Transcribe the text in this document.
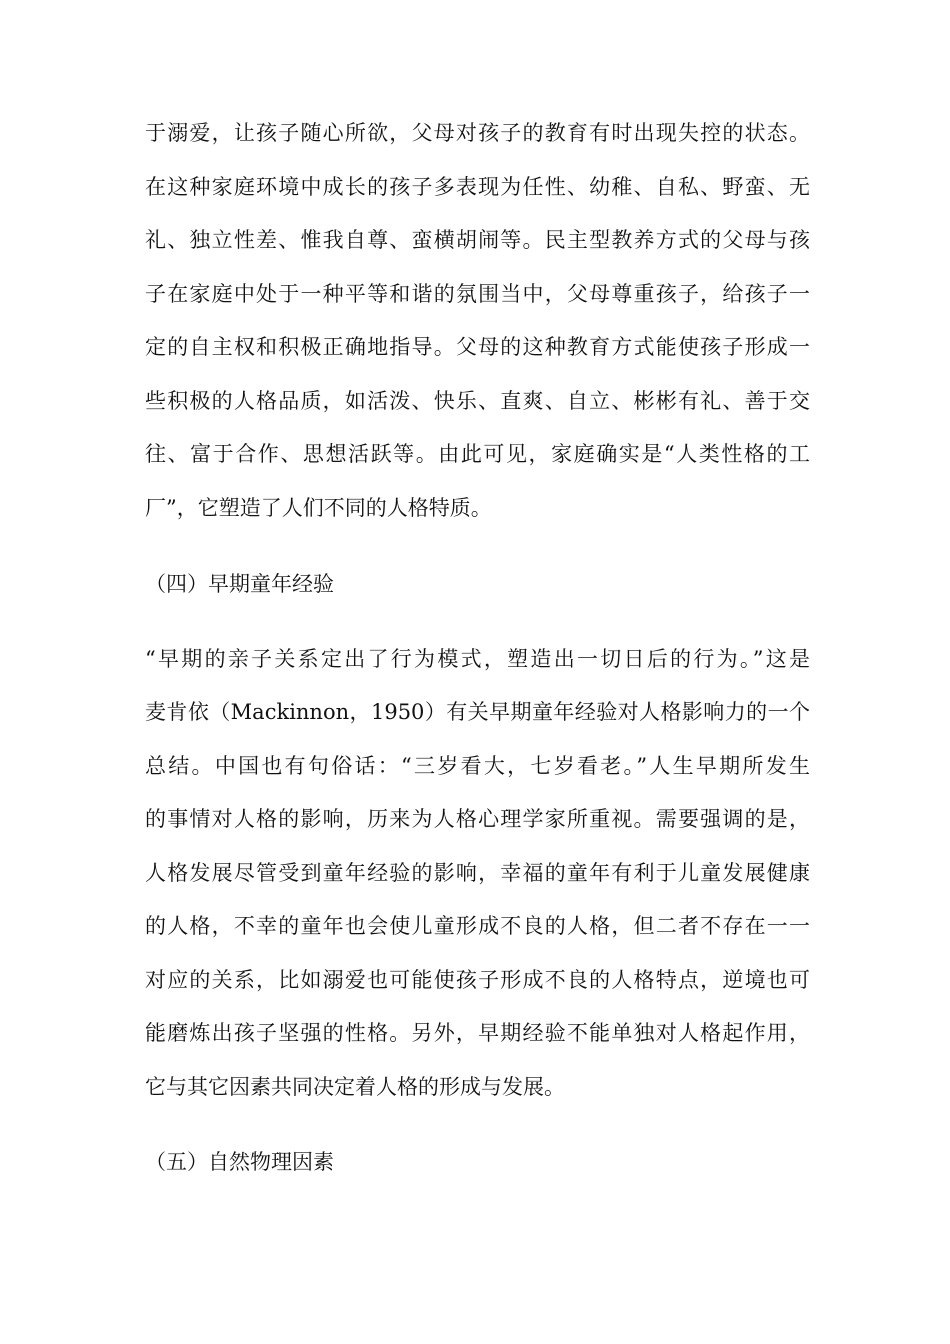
于溺爱，让孩子随心所欲，父母对孩子的教育有时出现失控的状态。
在这种家庭环境中成长的孩子多表现为任性、幼稚、自私、野蛮、无
礼、独立性差、惟我自尊、蛮横胡闹等。民主型教养方式的父母与孩
子在家庭中处于一种平等和谐的氛围当中，父母尊重孩子，给孩子一
定的自主权和积极正确地指导。父母的这种教育方式能使孩子形成一
些积极的人格品质，如活泼、快乐、直爽、自立、彬彬有礼、善于交
往、富于合作、思想活跃等。由此可见，家庭确实是“人类性格的工
厂”，它塑造了人们不同的人格特质。
（四）早期童年经验
“早期的亲子关系定出了行为模式，塑造出一切日后的行为。”这是
麦肯依（Mackinnon，1950）有关早期童年经验对人格影响力的一个
总结。中国也有句俗话：“三岁看大，七岁看老。”人生早期所发生
的事情对人格的影响，历来为人格心理学家所重视。需要强调的是，
人格发展尽管受到童年经验的影响，幸福的童年有利于儿童发展健康
的人格，不幸的童年也会使儿童形成不良的人格，但二者不存在一一
对应的关系，比如溺爱也可能使孩子形成不良的人格特点，逆境也可
能磨炼出孩子坚强的性格。另外，早期经验不能单独对人格起作用，
它与其它因素共同决定着人格的形成与发展。
（五）自然物理因素
